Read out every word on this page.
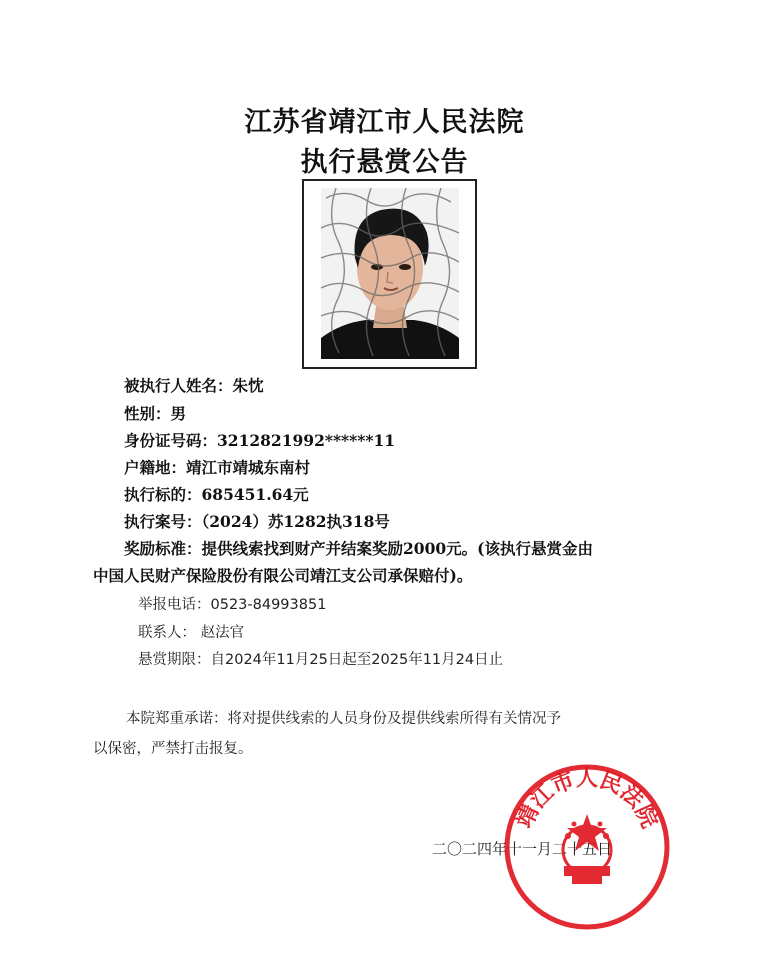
江苏省靖江市人民法院
执行悬赏公告
被执行人姓名：朱忱
性别：男
身份证号码：3212821992******11
户籍地：靖江市靖城东南村
执行标的：685451.64元
执行案号：（2024）苏1282执318号
奖励标准：提供线索找到财产并结案奖励2000元。(该执行悬赏金由
中国人民财产保险股份有限公司靖江支公司承保赔付)。
举报电话：0523-84993851
联系人： 赵法官
悬赏期限：自2024年11月25日起至2025年11月24日止
本院郑重承诺：将对提供线索的人员身份及提供线索所得有关情况予
以保密，严禁打击报复。
二〇二四年十一月二十五日
靖江市人民法院
